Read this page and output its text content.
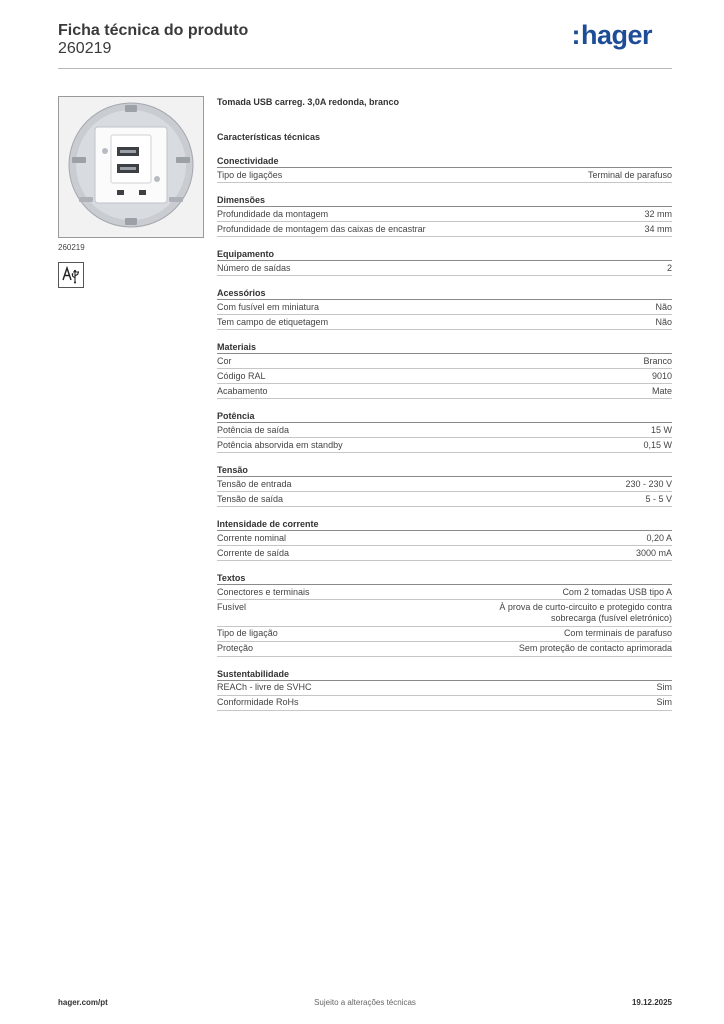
Ficha técnica do produto
260219	:hager
260219
Tomada USB carreg. 3,0A redonda, branco
Características técnicas
Conectividade
Tipo de ligações	Terminal de parafuso
Dimensões
Profundidade da montagem	32 mm
Profundidade de montagem das caixas de encastrar	34 mm
Equipamento
Número de saídas	2
Acessórios
Com fusível em miniatura	Não
Tem campo de etiquetagem	Não
Materiais
Cor	Branco
Código RAL	9010
Acabamento	Mate
Potência
Potência de saída	15 W
Potência absorvida em standby	0,15 W
Tensão
Tensão de entrada	230 - 230 V
Tensão de saída	5 - 5 V
Intensidade de corrente
Corrente nominal	0,20 A
Corrente de saída	3000 mA
Textos
Conectores e terminais	Com 2 tomadas USB tipo A
Fusível	À prova de curto-circuito e protegido contra
sobrecarga (fusível eletrónico)
Tipo de ligação	Com terminais de parafuso
Proteção	Sem proteção de contacto aprimorada
Sustentabilidade
REACh - livre de SVHC	Sim
Conformidade RoHs	Sim
hager.com/pt	Sujeito a alterações técnicas	19.12.2025
